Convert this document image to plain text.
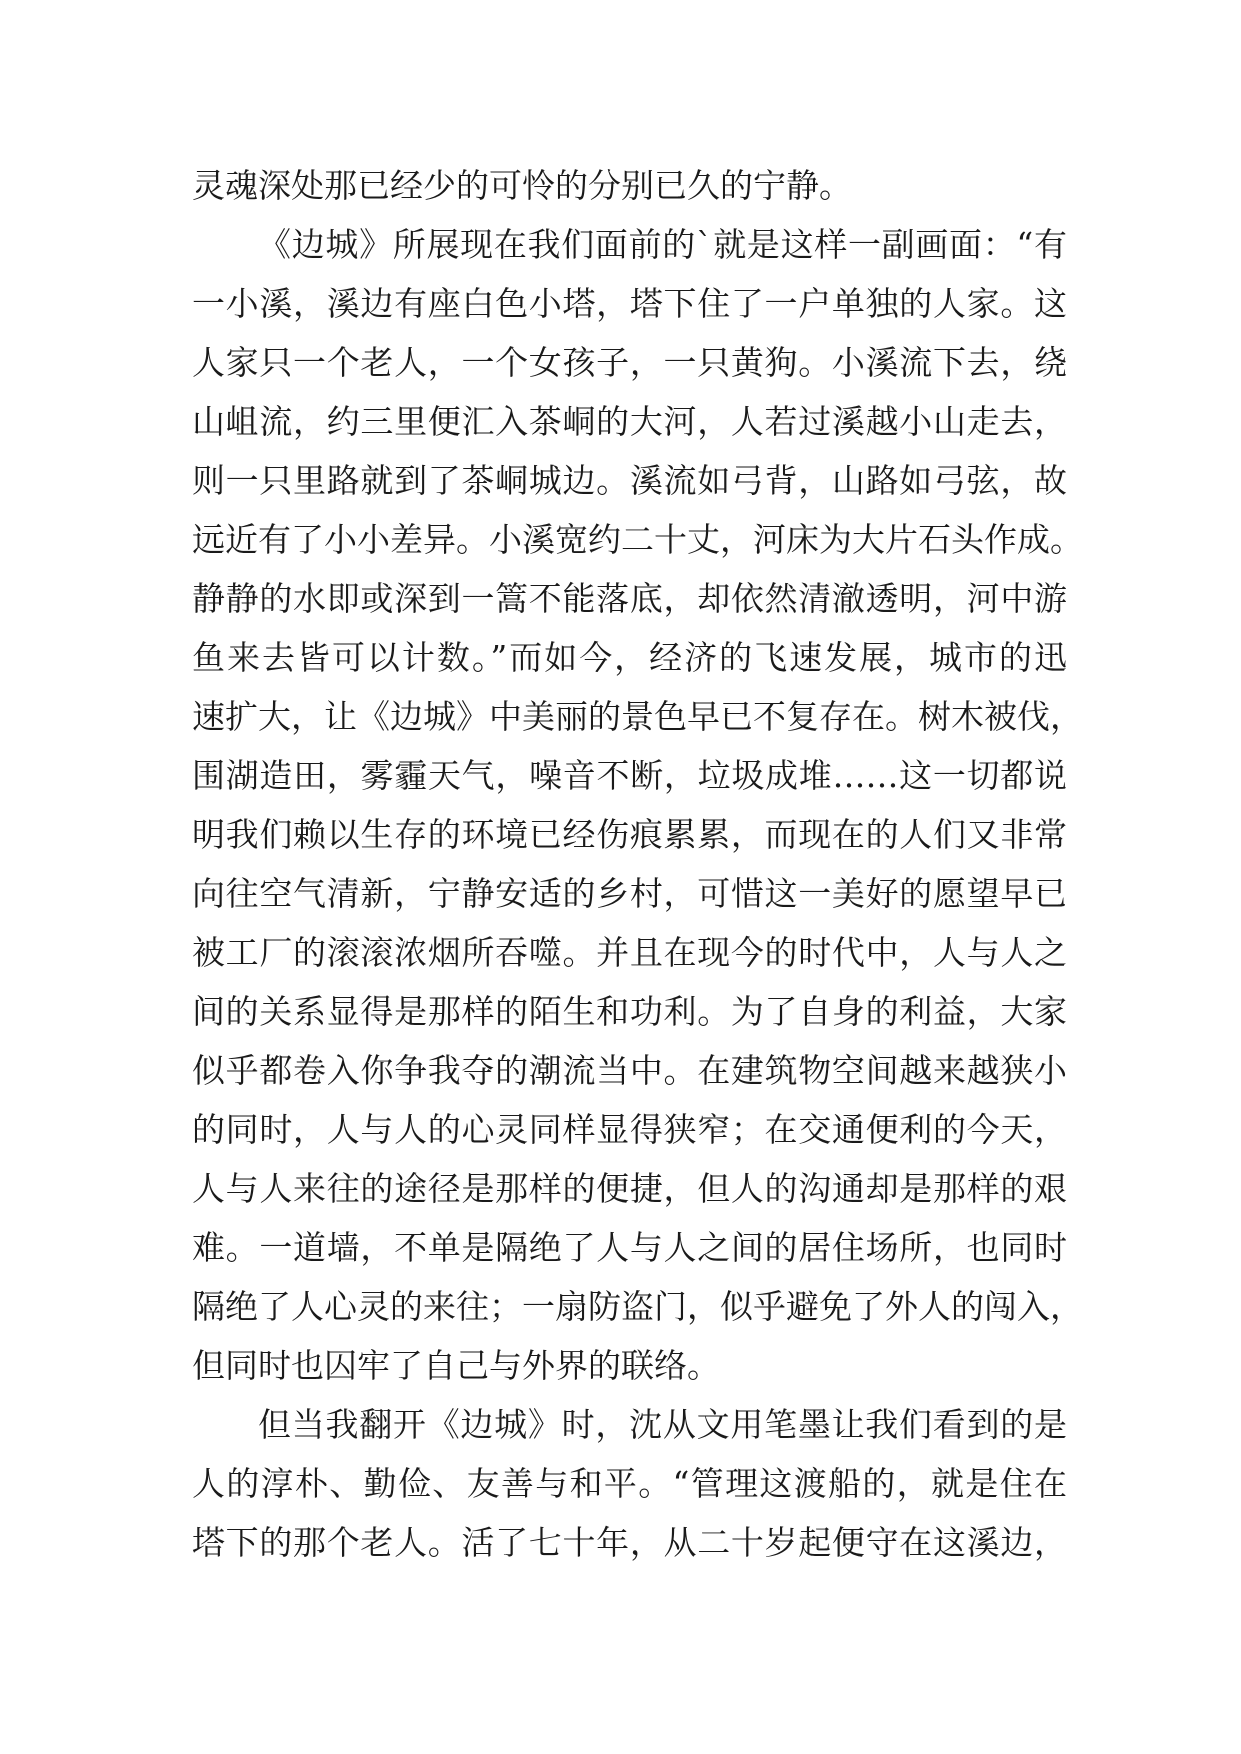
灵魂深处那已经少的可怜的分别已久的宁静。
《边城》所展现在我们面前的`就是这样一副画面：“有
一小溪，溪边有座白色小塔，塔下住了一户单独的人家。这
人家只一个老人，一个女孩子，一只黄狗。小溪流下去，绕
山岨流，约三里便汇入茶峒的大河，人若过溪越小山走去，
则一只里路就到了茶峒城边。溪流如弓背，山路如弓弦，故
远近有了小小差异。小溪宽约二十丈，河床为大片石头作成。
静静的水即或深到一篙不能落底，却依然清澈透明，河中游
鱼来去皆可以计数。”而如今，经济的飞速发展，城市的迅
速扩大，让《边城》中美丽的景色早已不复存在。树木被伐，
围湖造田，雾霾天气，噪音不断，垃圾成堆……这一切都说
明我们赖以生存的环境已经伤痕累累，而现在的人们又非常
向往空气清新，宁静安适的乡村，可惜这一美好的愿望早已
被工厂的滚滚浓烟所吞噬。并且在现今的时代中，人与人之
间的关系显得是那样的陌生和功利。为了自身的利益，大家
似乎都卷入你争我夺的潮流当中。在建筑物空间越来越狭小
的同时，人与人的心灵同样显得狭窄；在交通便利的今天，
人与人来往的途径是那样的便捷，但人的沟通却是那样的艰
难。一道墙，不单是隔绝了人与人之间的居住场所，也同时
隔绝了人心灵的来往；一扇防盗门，似乎避免了外人的闯入，
但同时也囚牢了自己与外界的联络。
但当我翻开《边城》时，沈从文用笔墨让我们看到的是
人的淳朴、勤俭、友善与和平。“管理这渡船的，就是住在
塔下的那个老人。活了七十年，从二十岁起便守在这溪边，
